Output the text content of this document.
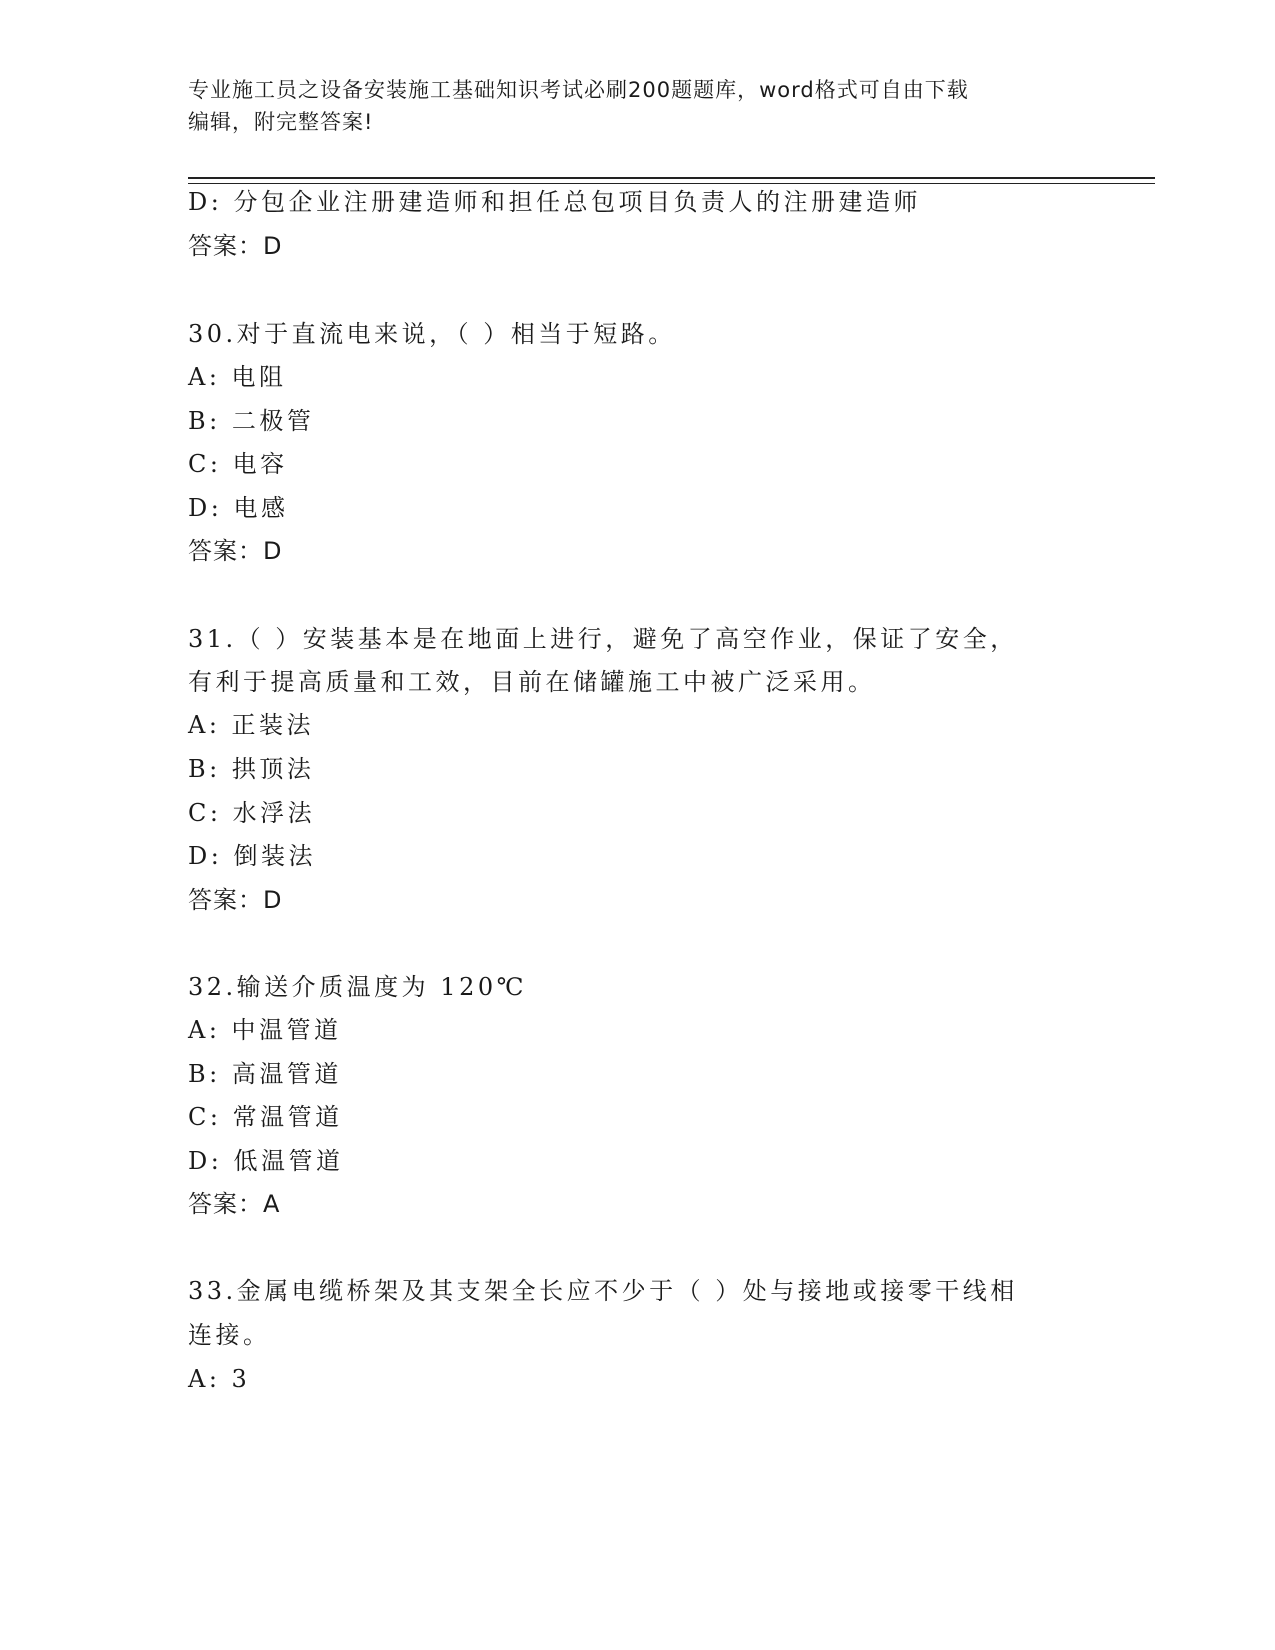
专业施工员之设备安装施工基础知识考试必刷200题题库，word格式可自由下载
编辑，附完整答案!
D: 分包企业注册建造师和担任总包项目负责人的注册建造师
答案：D
30.对于直流电来说，（ ）相当于短路。
A: 电阻
B: 二极管
C: 电容
D: 电感
答案：D
31.（ ）安装基本是在地面上进行，避免了高空作业，保证了安全，
有利于提高质量和工效，目前在储罐施工中被广泛采用。
A: 正装法
B: 拱顶法
C: 水浮法
D: 倒装法
答案：D
32.输送介质温度为 120℃
A: 中温管道
B: 高温管道
C: 常温管道
D: 低温管道
答案：A
33.金属电缆桥架及其支架全长应不少于（ ）处与接地或接零干线相
连接。
A: 3
